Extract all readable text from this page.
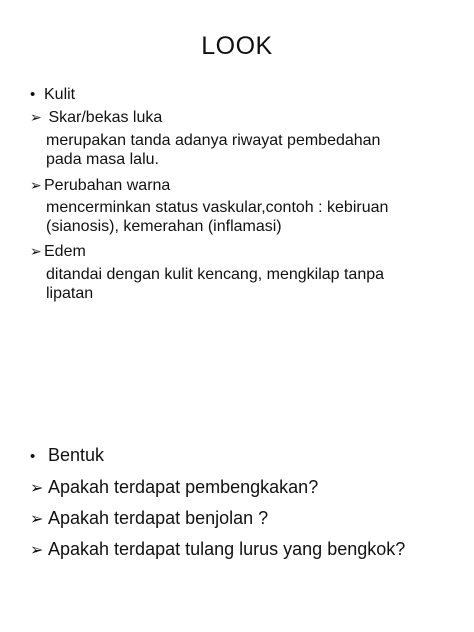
LOOK
• Kulit
➢ Skar/bekas luka
merupakan tanda adanya riwayat pembedahan
pada masa lalu.
➢ Perubahan warna
mencerminkan status vaskular,contoh : kebiruan
(sianosis), kemerahan (inflamasi)
➢ Edem
ditandai dengan kulit kencang, mengkilap tanpa
lipatan
• Bentuk
➢ Apakah terdapat pembengkakan?
➢ Apakah terdapat benjolan ?
➢ Apakah terdapat tulang lurus yang bengkok?
